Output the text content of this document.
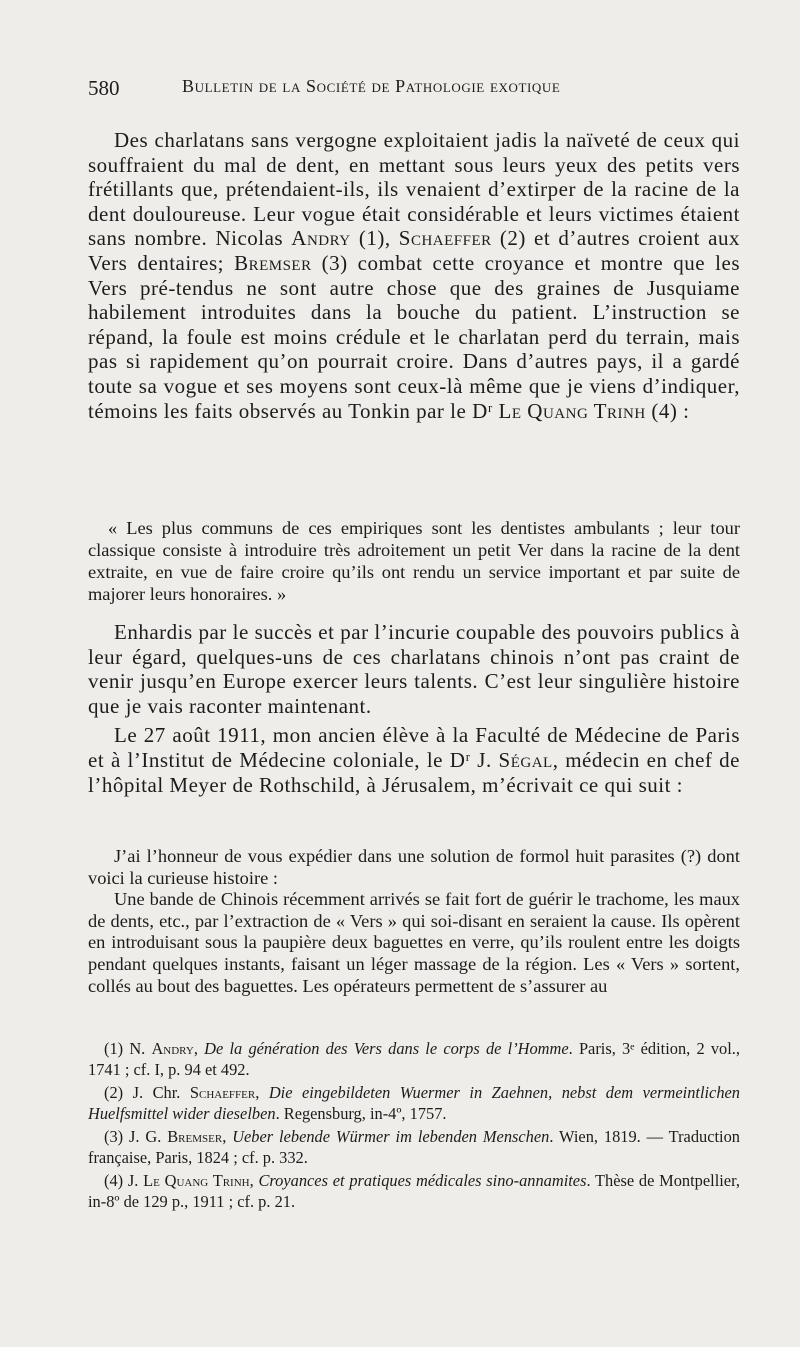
580	Bulletin de la Société de Pathologie exotique

Des charlatans sans vergogne exploitaient jadis la naïveté de ceux qui souffraient du mal de dent, en mettant sous leurs yeux des petits vers frétillants que, prétendaient-ils, ils venaient d’extirper de la racine de la dent douloureuse. Leur vogue était considérable et leurs victimes étaient sans nombre. Nicolas Andry (1), Schaeffer (2) et d’autres croient aux Vers dentaires; Bremser (3) combat cette croyance et montre que les Vers pré-tendus ne sont autre chose que des graines de Jusquiame habilement introduites dans la bouche du patient. L’instruction se répand, la foule est moins crédule et le charlatan perd du terrain, mais pas si rapidement qu’on pourrait croire. Dans d’autres pays, il a gardé toute sa vogue et ses moyens sont ceux-là même que je viens d’indiquer, témoins les faits observés au Tonkin par le Dʳ Le Quang Trinh (4) :

« Les plus communs de ces empiriques sont les dentistes ambulants ; leur tour classique consiste à introduire très adroitement un petit Ver dans la racine de la dent extraite, en vue de faire croire qu’ils ont rendu un service important et par suite de majorer leurs honoraires. »

Enhardis par le succès et par l’incurie coupable des pouvoirs publics à leur égard, quelques-uns de ces charlatans chinois n’ont pas craint de venir jusqu’en Europe exercer leurs talents. C’est leur singulière histoire que je vais raconter maintenant.

Le 27 août 1911, mon ancien élève à la Faculté de Médecine de Paris et à l’Institut de Médecine coloniale, le Dʳ J. Ségal, médecin en chef de l’hôpital Meyer de Rothschild, à Jérusalem, m’écrivait ce qui suit :

J’ai l’honneur de vous expédier dans une solution de formol huit parasites (?) dont voici la curieuse histoire :

Une bande de Chinois récemment arrivés se fait fort de guérir le trachome, les maux de dents, etc., par l’extraction de « Vers » qui soi-disant en seraient la cause. Ils opèrent en introduisant sous la paupière deux baguettes en verre, qu’ils roulent entre les doigts pendant quelques instants, faisant un léger massage de la région. Les « Vers » sortent, collés au bout des baguettes. Les opérateurs permettent de s’assurer au

(1) N. Andry, De la génération des Vers dans le corps de l’Homme. Paris, 3ᵉ édition, 2 vol., 1741 ; cf. I, p. 94 et 492.

(2) J. Chr. Schaeffer, Die eingebildeten Wuermer in Zaehnen, nebst dem vermeintlichen Huelfsmittel wider dieselben. Regensburg, in-4º, 1757.

(3) J. G. Bremser, Ueber lebende Würmer im lebenden Menschen. Wien, 1819. — Traduction française, Paris, 1824 ; cf. p. 332.

(4) J. Le Quang Trinh, Croyances et pratiques médicales sino-annamites. Thèse de Montpellier, in-8º de 129 p., 1911 ; cf. p. 21.
